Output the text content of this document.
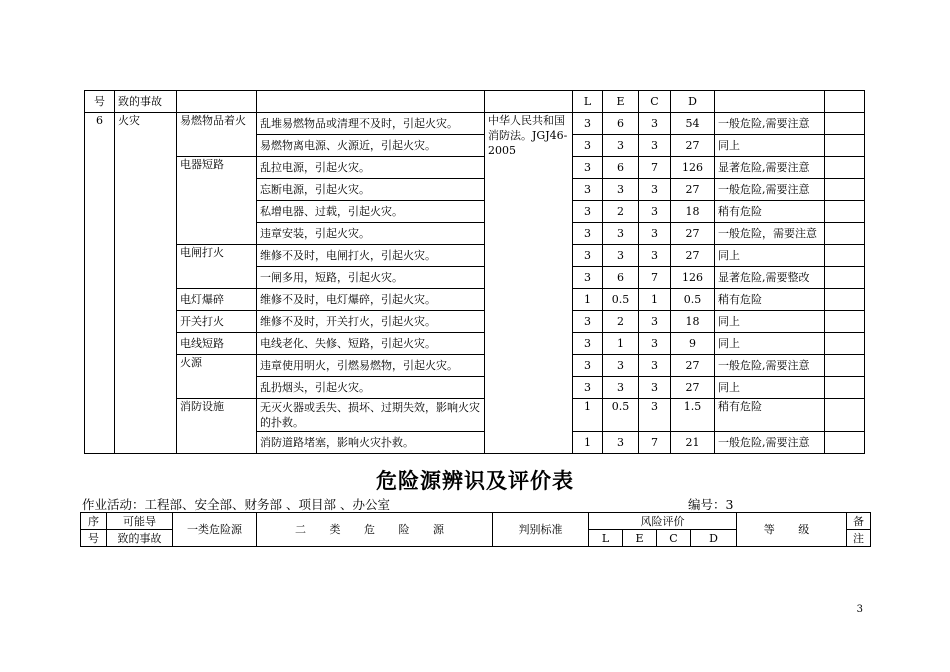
号	致的事故				L	E	C	D		
6	火灾	易燃物品着火	乱堆易燃物品或清理不及时，引起火灾。	中华人民共和国消防法。JGJ46-2005	3	6	3	54	一般危险,需要注意	
			易燃物离电源、火源近，引起火灾。		3	3	3	27	同上	
		电器短路	乱拉电源，引起火灾。		3	6	7	126	显著危险,需要注意	
			忘断电源，引起火灾。		3	3	3	27	一般危险,需要注意	
			私增电器、过载，引起火灾。		3	2	3	18	稍有危险	
			违章安装，引起火灾。		3	3	3	27	一般危险，需要注意	
		电闸打火	维修不及时，电闸打火，引起火灾。		3	3	3	27	同上	
			一闸多用，短路，引起火灾。		3	6	7	126	显著危险,需要整改	
		电灯爆碎	维修不及时，电灯爆碎，引起火灾。		1	0.5	1	0.5	稍有危险	
		开关打火	维修不及时，开关打火，引起火灾。		3	2	3	18	同上	
		电线短路	电线老化、失修、短路，引起火灾。		3	1	3	9	同上	
		火源	违章使用明火，引燃易燃物，引起火灾。		3	3	3	27	一般危险,需要注意	
			乱扔烟头，引起火灾。		3	3	3	27	同上	
		消防设施	无灭火器或丢失、损坏、过期失效，影响火灾的扑救。		1	0.5	3	1.5	稍有危险	
			消防道路堵塞，影响火灾扑救。		1	3	7	21	一般危险,需要注意	
危险源辨识及评价表
作业活动：工程部、安全部、财务部 、项目部 、办公室	编号：3
序	可能导	一类危险源	二 类 危 险 源	判别标准	风险评价				等 级	备
号	致的事故				L	E	C	D		注
3
